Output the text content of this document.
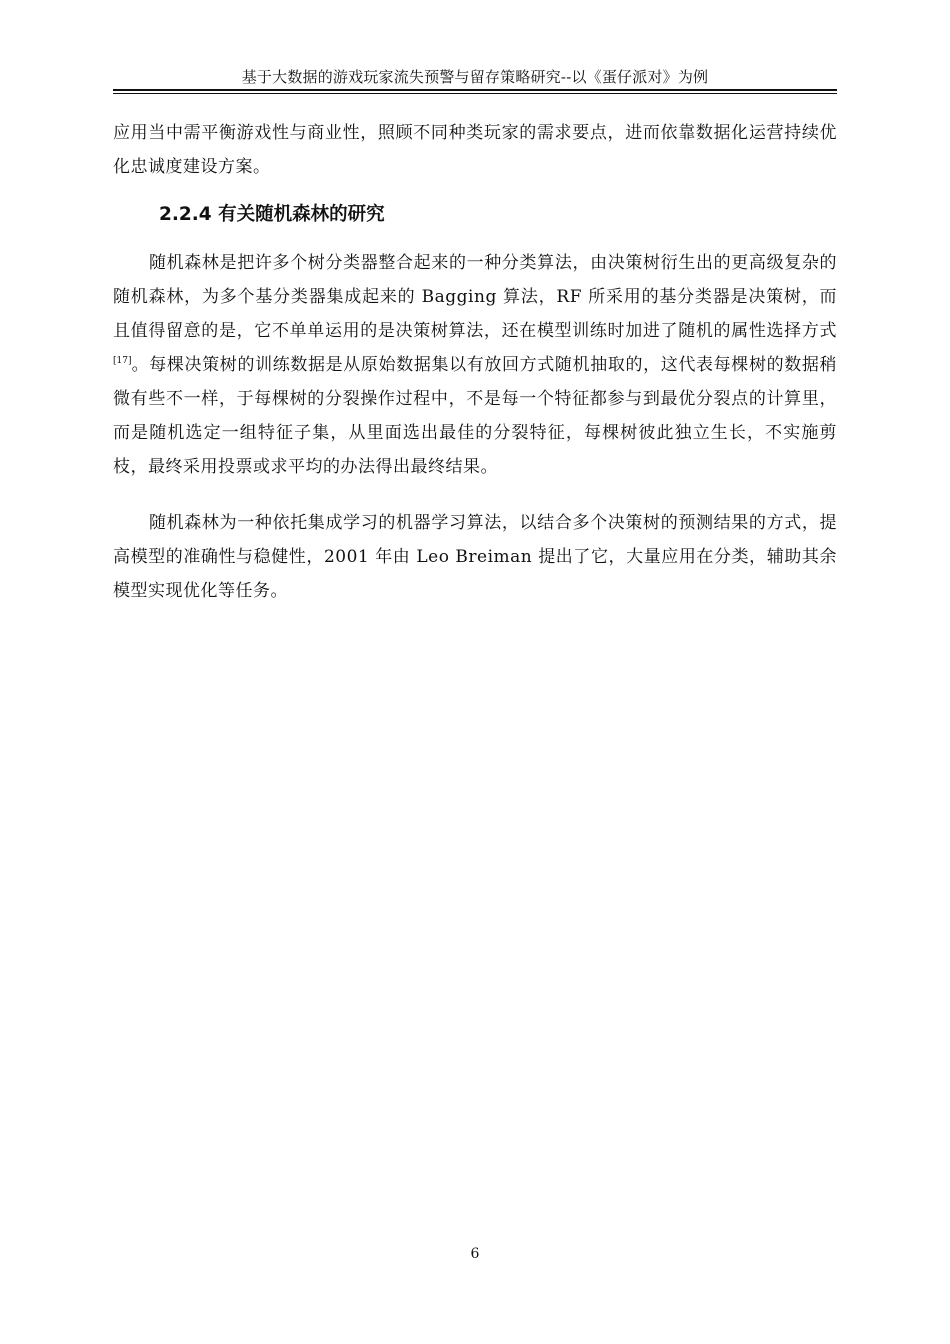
基于大数据的游戏玩家流失预警与留存策略研究--以《蛋仔派对》为例

应用当中需平衡游戏性与商业性，照顾不同种类玩家的需求要点，进而依靠数据化运营持续优化忠诚度建设方案。

2.2.4 有关随机森林的研究

随机森林是把许多个树分类器整合起来的一种分类算法，由决策树衍生出的更高级复杂的随机森林，为多个基分类器集成起来的 Bagging 算法，RF 所采用的基分类器是决策树，而且值得留意的是，它不单单运用的是决策树算法，还在模型训练时加进了随机的属性选择方式[17]。每棵决策树的训练数据是从原始数据集以有放回方式随机抽取的，这代表每棵树的数据稍微有些不一样，于每棵树的分裂操作过程中，不是每一个特征都参与到最优分裂点的计算里，而是随机选定一组特征子集，从里面选出最佳的分裂特征，每棵树彼此独立生长，不实施剪枝，最终采用投票或求平均的办法得出最终结果。

随机森林为一种依托集成学习的机器学习算法，以结合多个决策树的预测结果的方式，提高模型的准确性与稳健性，2001 年由 Leo Breiman 提出了它，大量应用在分类，辅助其余模型实现优化等任务。

6
